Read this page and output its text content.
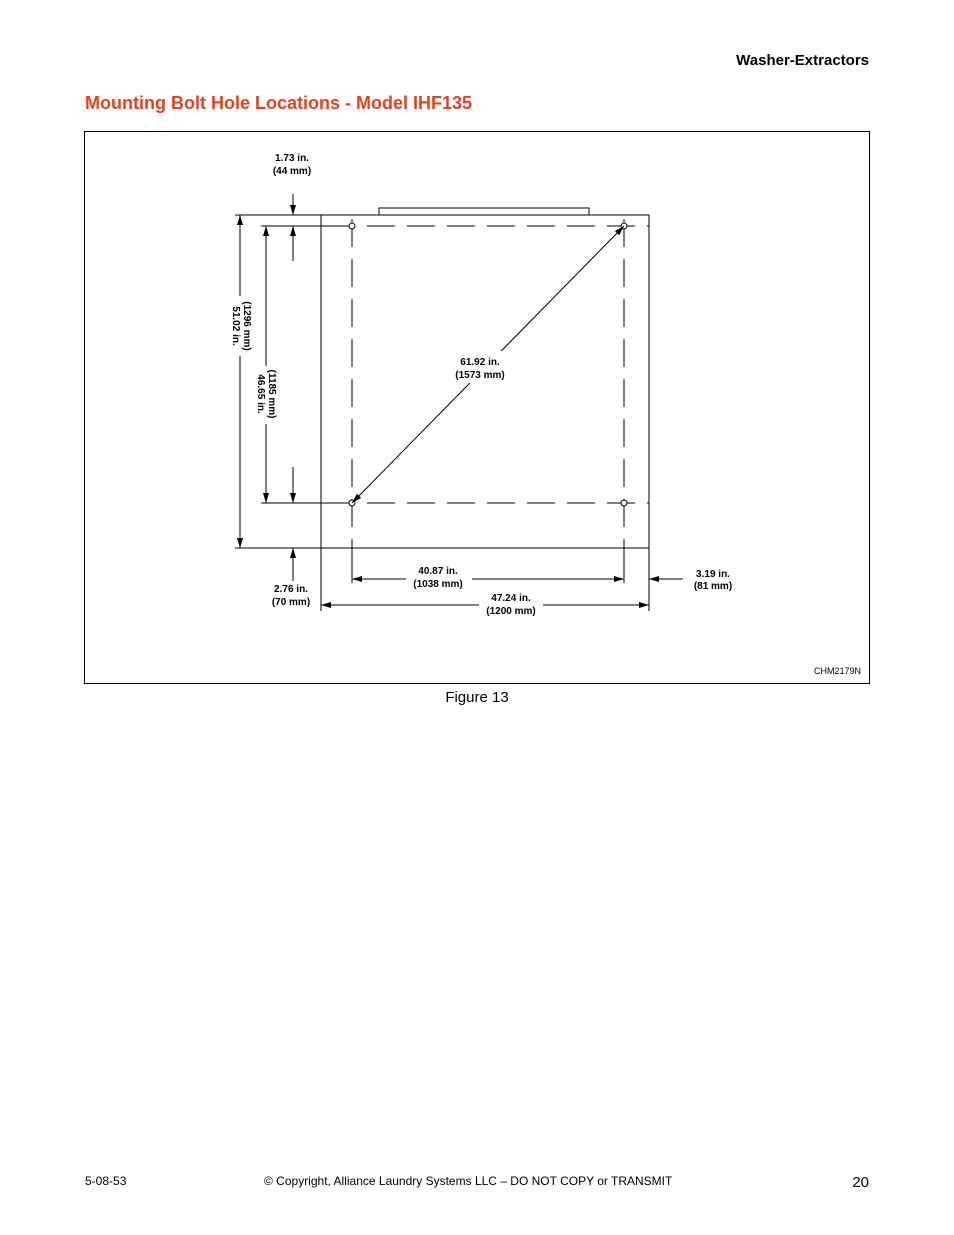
Washer-Extractors
Mounting Bolt Hole Locations - Model IHF135
1.73 in.
(44 mm)
51.02 in. (1296 mm)
46.65 in. (1185 mm)
61.92 in.
(1573 mm)
2.76 in.
(70 mm)
40.87 in.
(1038 mm)
47.24 in.
(1200 mm)
3.19 in.
(81 mm)
CHM2179N
Figure 13
5-08-53	© Copyright, Alliance Laundry Systems LLC – DO NOT COPY or TRANSMIT	20
